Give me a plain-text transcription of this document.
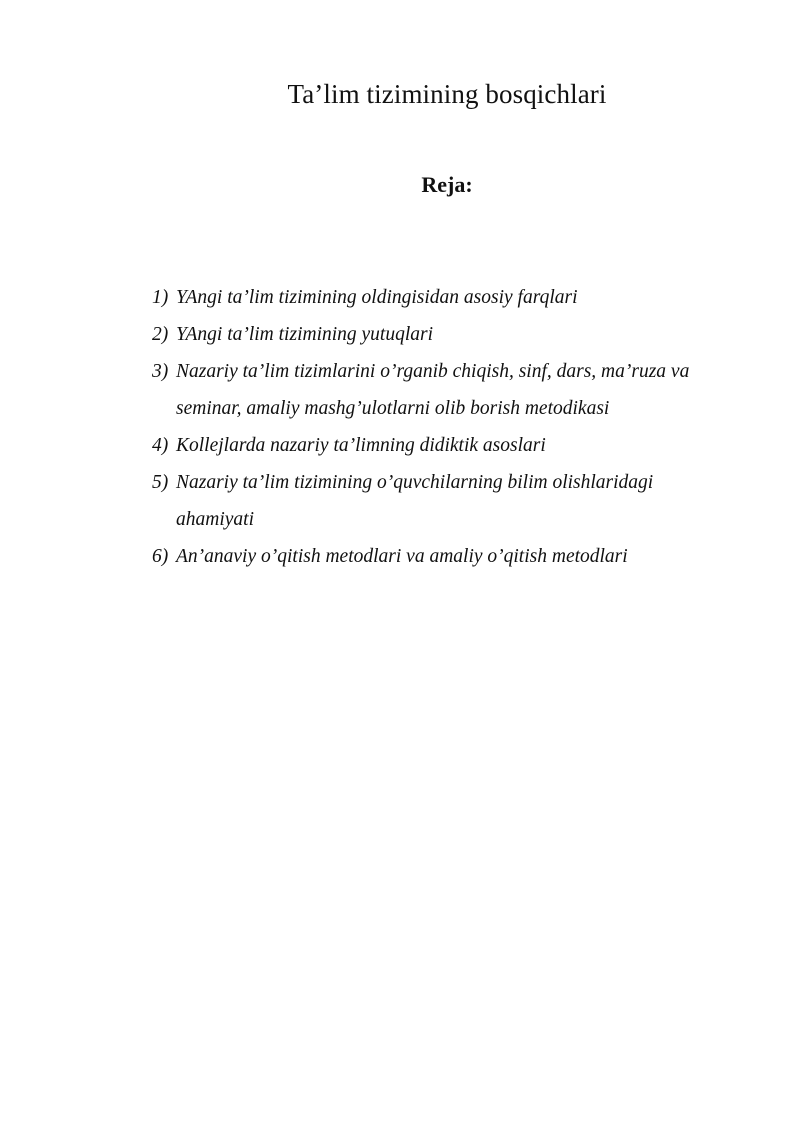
Ta’lim tizimining bosqichlari
Reja:
1) YAngi ta’lim tizimining oldingisidan asosiy farqlari
2) YAngi ta’lim tizimining yutuqlari
3) Nazariy ta’lim tizimlarini o’rganib chiqish, sinf, dars, ma’ruza va seminar, amaliy mashg’ulotlarni olib borish metodikasi
4) Kollejlarda nazariy ta’limning didiktik asoslari
5) Nazariy ta’lim tizimining o’quvchilarning bilim olishlaridagi ahamiyati
6) An’anaviy o’qitish metodlari va amaliy o’qitish metodlari
